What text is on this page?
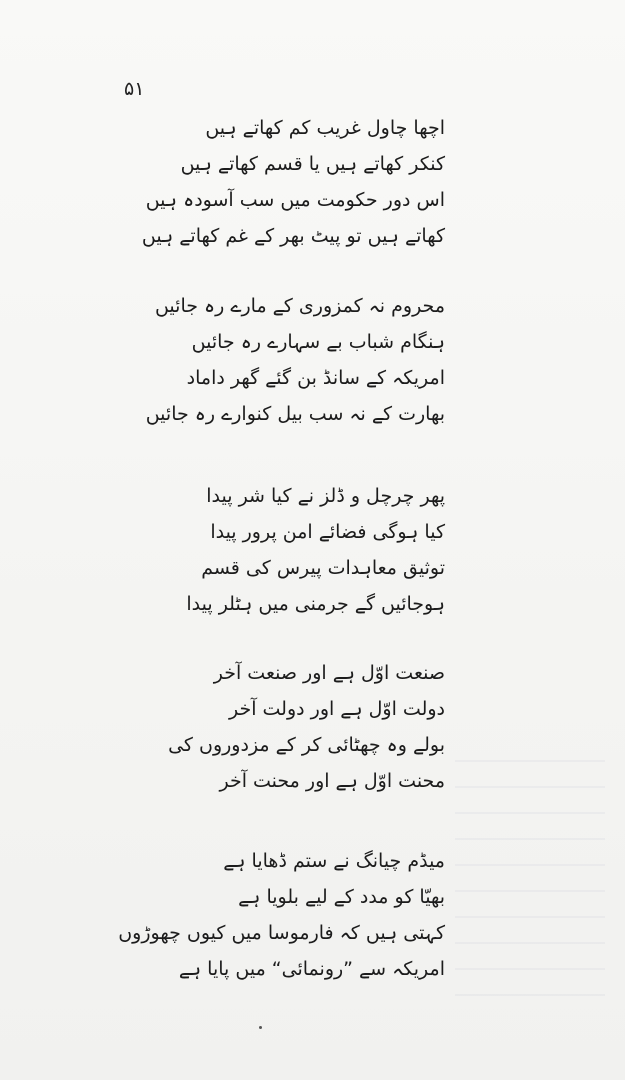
۵۱
اچھا چاول غریب کم کھاتے ہیں
کنکر کھاتے ہیں یا قسم کھاتے ہیں
اس دور حکومت میں سب آسودہ ہیں
کھاتے ہیں تو پیٹ بھر کے غم کھاتے ہیں
محروم نہ کمزوری کے مارے رہ جائیں
ہنگام شباب بے سہارے رہ جائیں
امریکہ کے سانڈ بن گئے گھر داماد
بھارت کے نہ سب بیل کنوارے رہ جائیں
پھر چرچل و ڈلز نے کیا شر پیدا
کیا ہوگی فضائے امن پرور پیدا
توثیق معاہدات پیرس کی قسم
ہوجائیں گے جرمنی میں ہٹلر پیدا
صنعت اوّل ہے اور صنعت آخر
دولت اوّل ہے اور دولت آخر
بولے وہ چھٹائی کر کے مزدوروں کی
محنت اوّل ہے اور محنت آخر
میڈم چیانگ نے ستم ڈھایا ہے
بھیّا کو مدد کے لیے بلویا ہے
کہتی ہیں کہ فارموسا میں کیوں چھوڑوں
امریکہ سے ”رونمائی“ میں پایا ہے
